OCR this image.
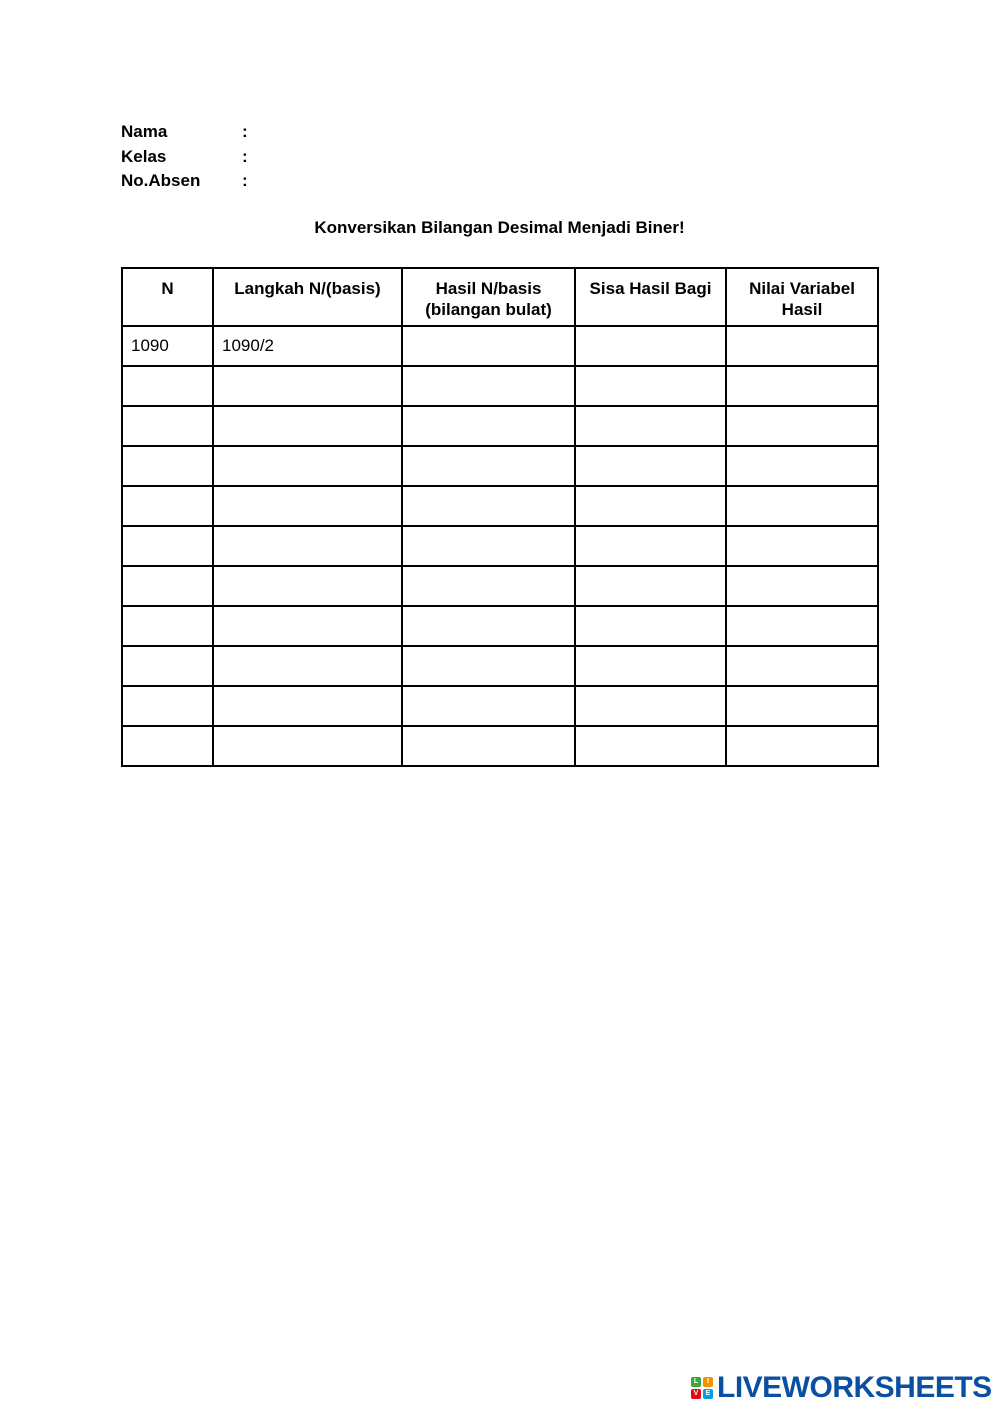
Nama	:
Kelas	:
No.Absen :
Konversikan Bilangan Desimal Menjadi Biner!
N	Langkah N/(basis)	Hasil N/basis (bilangan bulat)	Sisa Hasil Bagi	Nilai Variabel Hasil
1090	1090/2			

L	I
V	E LIVEWORKSHEETS
